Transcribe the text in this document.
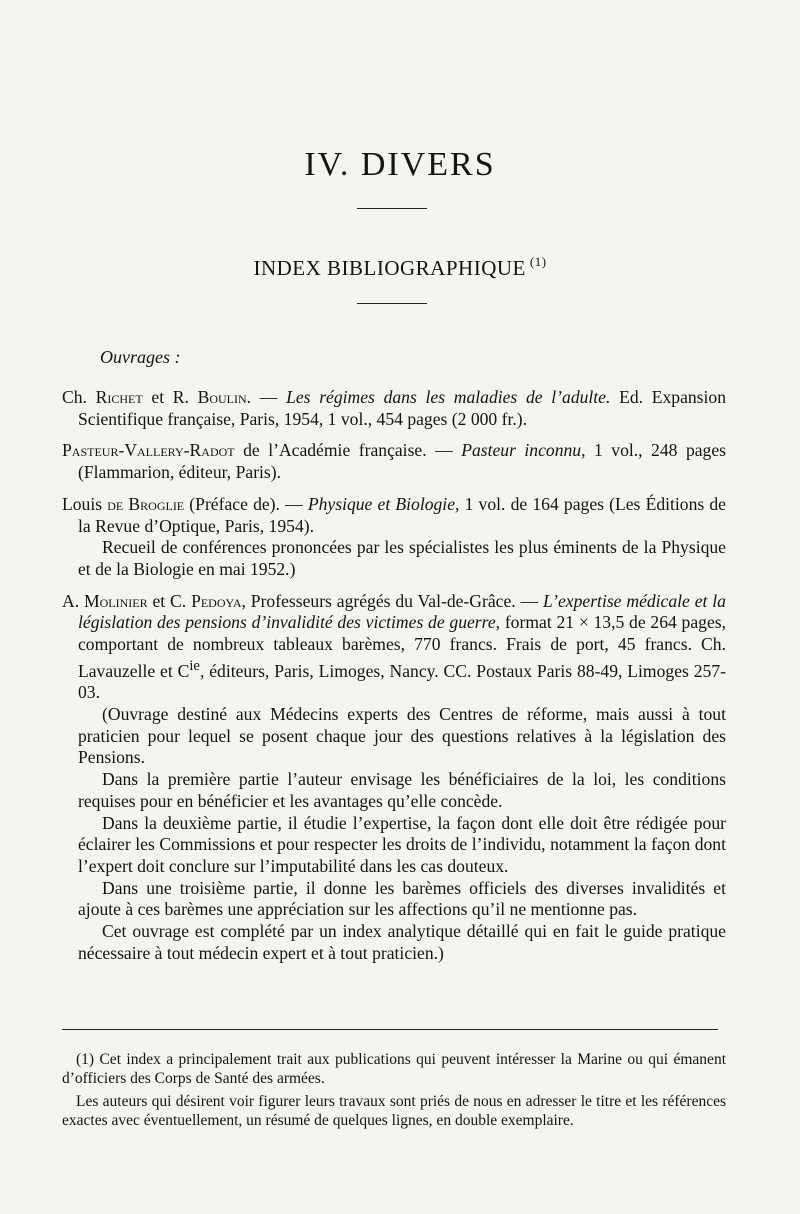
IV. DIVERS
INDEX BIBLIOGRAPHIQUE $^{(1)}$
Ouvrages :

Ch. Richet et R. Boulin. — Les régimes dans les maladies de l’adulte. Ed. Expansion Scientifique française, Paris, 1954, 1 vol., 454 pages (2 000 fr.).

Pasteur-Vallery-Radot de l’Académie française. — Pasteur inconnu, 1 vol., 248 pages (Flammarion, éditeur, Paris).

Louis de Broglie (Préface de). — Physique et Biologie, 1 vol. de 164 pages (Les Éditions de la Revue d’Optique, Paris, 1954).

Recueil de conférences prononcées par les spécialistes les plus éminents de la Physique et de la Biologie en mai 1952.)

A. Molinier et C. Pedoya, Professeurs agrégés du Val-de-Grâce. — L’expertise médicale et la législation des pensions d’invalidité des victimes de guerre, format 21 × 13,5 de 264 pages, comportant de nombreux tableaux barèmes, 770 francs. Frais de port, 45 francs. Ch. Lavauzelle et $C^{ie}$, éditeurs, Paris, Limoges, Nancy. CC. Postaux Paris 88-49, Limoges 257-03.

(Ouvrage destiné aux Médecins experts des Centres de réforme, mais aussi à tout praticien pour lequel se posent chaque jour des questions relatives à la législation des Pensions.

Dans la première partie l’auteur envisage les bénéficiaires de la loi, les conditions requises pour en bénéficier et les avantages qu’elle concède.

Dans la deuxième partie, il étudie l’expertise, la façon dont elle doit être rédigée pour éclairer les Commissions et pour respecter les droits de l’individu, notamment la façon dont l’expert doit conclure sur l’imputabilité dans les cas douteux.

Dans une troisième partie, il donne les barèmes officiels des diverses invalidités et ajoute à ces barèmes une appréciation sur les affections qu’il ne mentionne pas.

Cet ouvrage est complété par un index analytique détaillé qui en fait le guide pratique nécessaire à tout médecin expert et à tout praticien.)

(1) Cet index a principalement trait aux publications qui peuvent intéresser la Marine ou qui émanent d’officiers des Corps de Santé des armées.

Les auteurs qui désirent voir figurer leurs travaux sont priés de nous en adresser le titre et les références exactes avec éventuellement, un résumé de quelques lignes, en double exemplaire.
